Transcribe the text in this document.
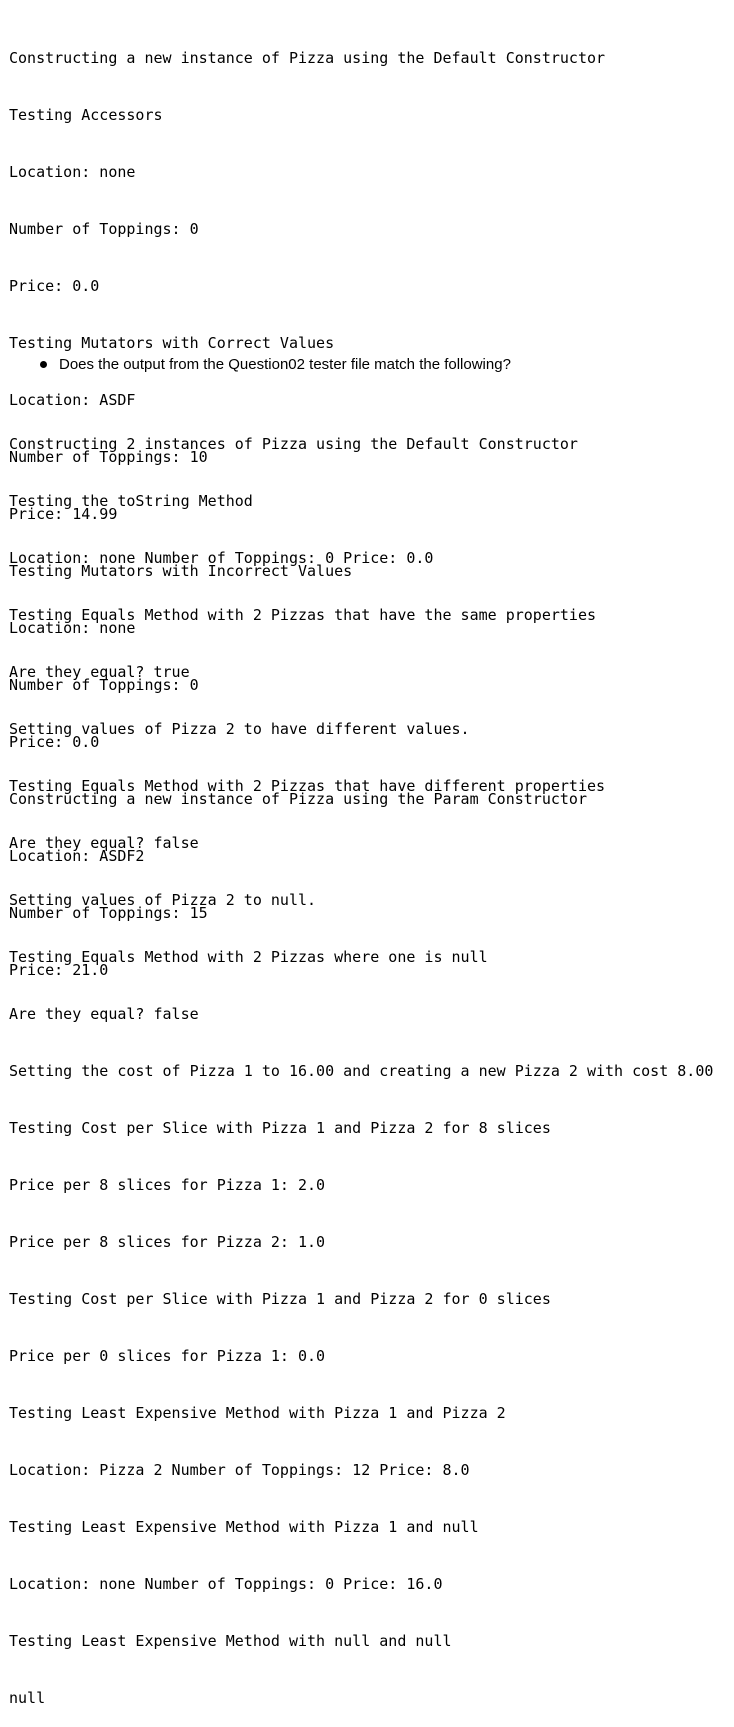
Constructing a new instance of Pizza using the Default Constructor

Testing Accessors

Location: none

Number of Toppings: 0

Price: 0.0

Testing Mutators with Correct Values

Location: ASDF

Number of Toppings: 10

Price: 14.99

Testing Mutators with Incorrect Values

Location: none

Number of Toppings: 0

Price: 0.0

Constructing a new instance of Pizza using the Param Constructor

Location: ASDF2

Number of Toppings: 15

Price: 21.0

Does the output from the Question02 tester file match the following?

Constructing 2 instances of Pizza using the Default Constructor

Testing the toString Method

Location: none Number of Toppings: 0 Price: 0.0

Testing Equals Method with 2 Pizzas that have the same properties

Are they equal? true

Setting values of Pizza 2 to have different values.

Testing Equals Method with 2 Pizzas that have different properties

Are they equal? false

Setting values of Pizza 2 to null.

Testing Equals Method with 2 Pizzas where one is null

Are they equal? false

Setting the cost of Pizza 1 to 16.00 and creating a new Pizza 2 with cost 8.00

Testing Cost per Slice with Pizza 1 and Pizza 2 for 8 slices

Price per 8 slices for Pizza 1: 2.0

Price per 8 slices for Pizza 2: 1.0

Testing Cost per Slice with Pizza 1 and Pizza 2 for 0 slices

Price per 0 slices for Pizza 1: 0.0

Testing Least Expensive Method with Pizza 1 and Pizza 2

Location: Pizza 2 Number of Toppings: 12 Price: 8.0

Testing Least Expensive Method with Pizza 1 and null

Location: none Number of Toppings: 0 Price: 16.0

Testing Least Expensive Method with null and null

null
